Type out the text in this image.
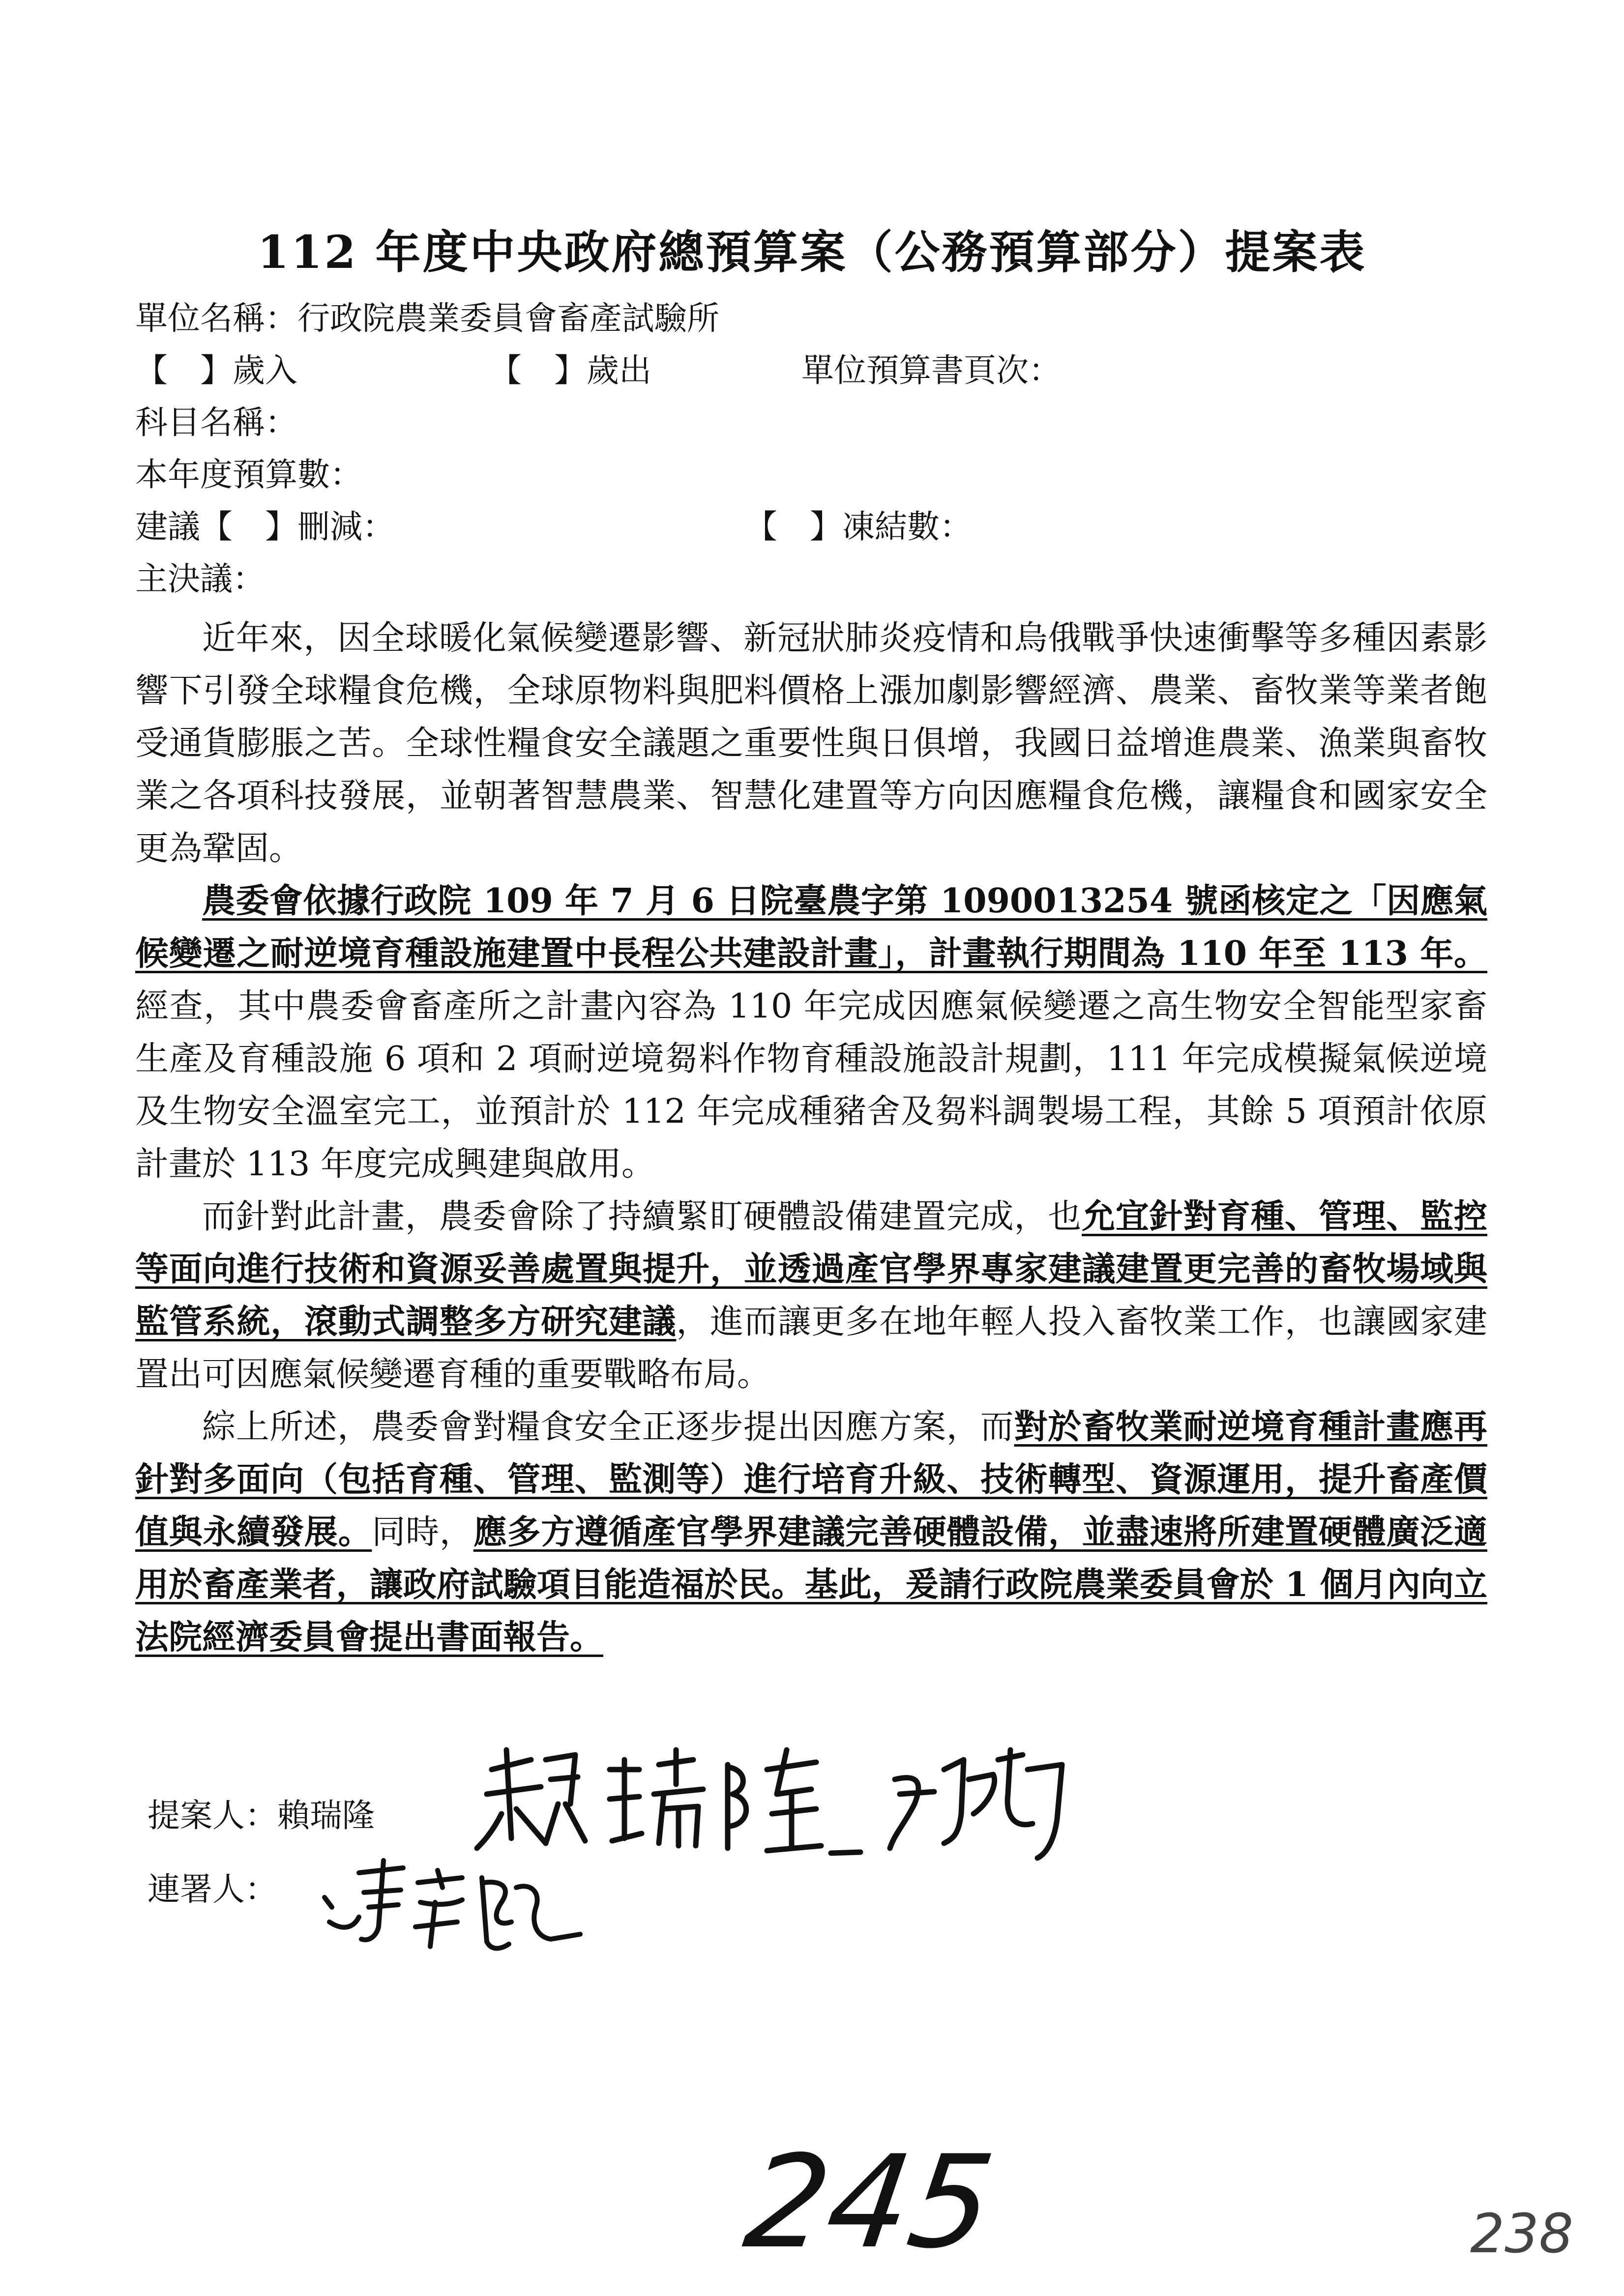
112 年度中央政府總預算案（公務預算部分）提案表
單位名稱：行政院農業委員會畜產試驗所
【　】歲入	【　】歲出	單位預算書頁次：
科目名稱：
本年度預算數：
建議【　】刪減：	【　】凍結數：
主決議：

近年來，因全球暖化氣候變遷影響、新冠狀肺炎疫情和烏俄戰爭快速衝擊等多種因素影響下引發全球糧食危機，全球原物料與肥料價格上漲加劇影響經濟、農業、畜牧業等業者飽受通貨膨脹之苦。全球性糧食安全議題之重要性與日俱增，我國日益增進農業、漁業與畜牧業之各項科技發展，並朝著智慧農業、智慧化建置等方向因應糧食危機，讓糧食和國家安全更為鞏固。

農委會依據行政院 109 年 7 月 6 日院臺農字第 1090013254 號函核定之「因應氣候變遷之耐逆境育種設施建置中長程公共建設計畫」，計畫執行期間為 110 年至 113 年。經查，其中農委會畜產所之計畫內容為 110 年完成因應氣候變遷之高生物安全智能型家畜生產及育種設施 6 項和 2 項耐逆境芻料作物育種設施設計規劃，111 年完成模擬氣候逆境及生物安全溫室完工，並預計於 112 年完成種豬舍及芻料調製場工程，其餘 5 項預計依原計畫於 113 年度完成興建與啟用。

而針對此計畫，農委會除了持續緊盯硬體設備建置完成，也允宜針對育種、管理、監控等面向進行技術和資源妥善處置與提升，並透過產官學界專家建議建置更完善的畜牧場域與監管系統，滾動式調整多方研究建議，進而讓更多在地年輕人投入畜牧業工作，也讓國家建置出可因應氣候變遷育種的重要戰略布局。

綜上所述，農委會對糧食安全正逐步提出因應方案，而對於畜牧業耐逆境育種計畫應再針對多面向（包括育種、管理、監測等）進行培育升級、技術轉型、資源運用，提升畜產價值與永續發展。同時，應多方遵循產官學界建議完善硬體設備，並盡速將所建置硬體廣泛適用於畜產業者，讓政府試驗項目能造福於民。基此，爰請行政院農業委員會於 1 個月內向立法院經濟委員會提出書面報告。

提案人：賴瑞隆
連署人：
245	238
